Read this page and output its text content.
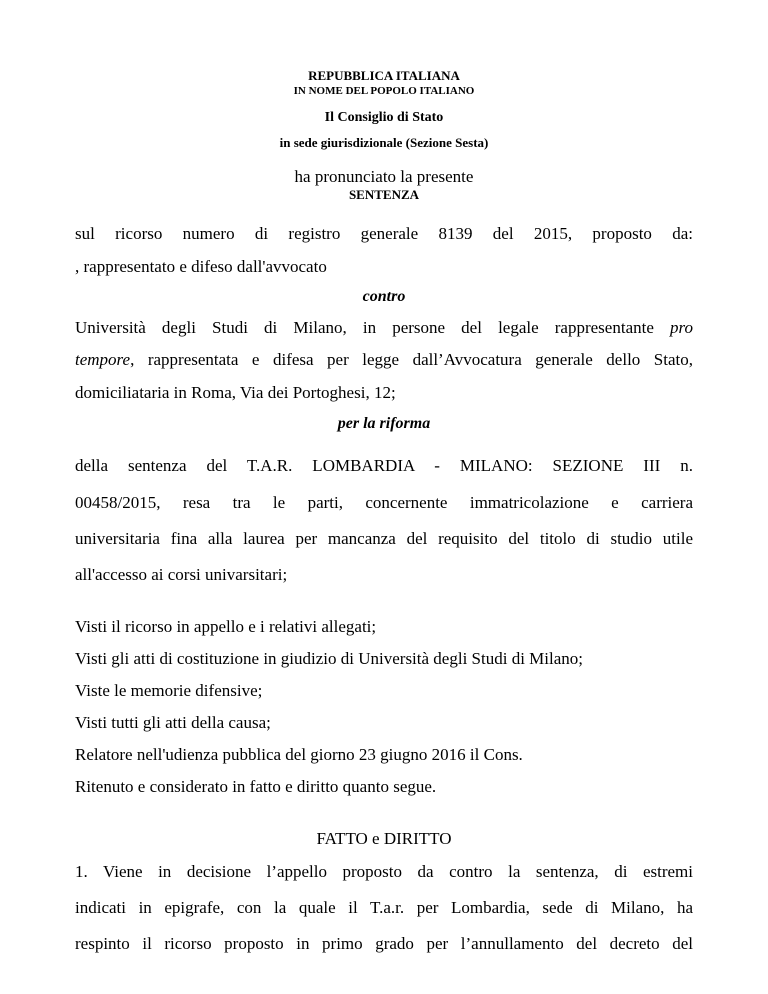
REPUBBLICA ITALIANA
IN NOME DEL POPOLO ITALIANO
Il Consiglio di Stato
in sede giurisdizionale (Sezione Sesta)
ha pronunciato la presente
SENTENZA
sul ricorso numero di registro generale 8139 del 2015, proposto da:
, rappresentato e difeso dall'avvocato
contro
Università degli Studi di Milano, in persone del legale rappresentante pro
tempore, rappresentata e difesa per legge dall’Avvocatura generale dello Stato,
domiciliataria in Roma, Via dei Portoghesi, 12;
per la riforma
della sentenza del T.A.R. LOMBARDIA - MILANO: SEZIONE III n.
00458/2015, resa tra le parti, concernente immatricolazione e carriera
universitaria fina alla laurea per mancanza del requisito del titolo di studio utile
all'accesso ai corsi univarsitari;
Visti il ricorso in appello e i relativi allegati;
Visti gli atti di costituzione in giudizio di Università degli Studi di Milano;
Viste le memorie difensive;
Visti tutti gli atti della causa;
Relatore nell'udienza pubblica del giorno 23 giugno 2016 il Cons.
Ritenuto e considerato in fatto e diritto quanto segue.
FATTO e DIRITTO
1. Viene in decisione l’appello proposto da contro la sentenza, di estremi
indicati in epigrafe, con la quale il T.a.r. per Lombardia, sede di Milano, ha
respinto il ricorso proposto in primo grado per l’annullamento del decreto del
